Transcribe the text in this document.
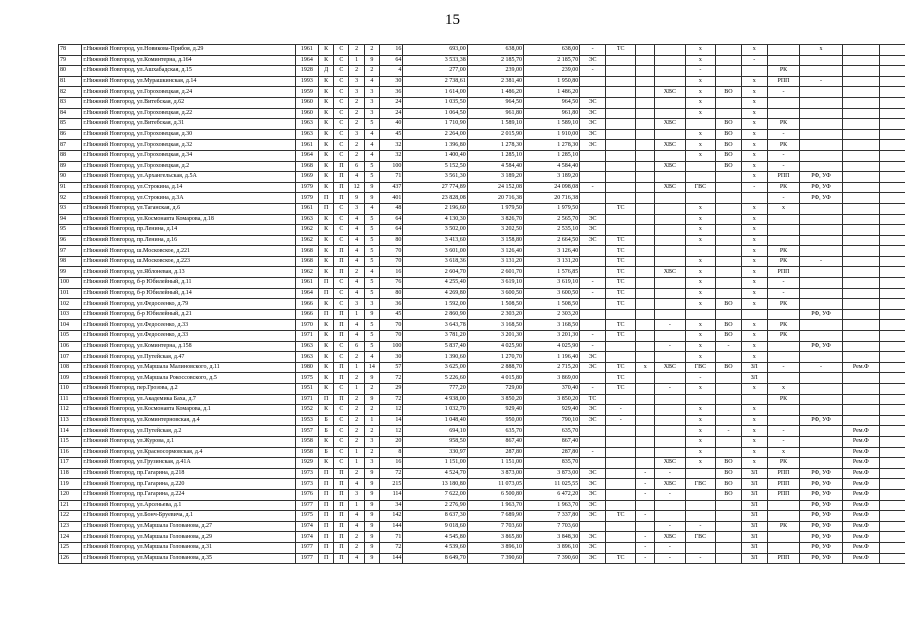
15
78	г.Нижний Новгород, ул.Новикова-Прибоя, д.29	1961	К	С	2	2	16	693,00	638,00	638,00	-	ТС			x		x		x		
79	г.Нижний Новгород, ул.Коминтерна, д.164	1964	К	С	1	9	64	3 533,38	2 185,70	2 185,70	ЭС				x		-				
80	г.Нижний Новгород, ул.Ашхабадская, д.15	1928	Д	С	2	2	4	277,00	239,00	239,00	-				-			РК			
81	г.Нижний Новгород, ул.Мурашкинская, д.14	1993	К	С	3	4	30	2 738,61	2 381,40	1 950,80					x		x	РПП	-		
82	г.Нижний Новгород, ул.Гороховецкая, д.24	1959	К	С	3	3	36	1 614,00	1 486,20	1 486,20				ХВС	x	ВО	x	-			
83	г.Нижний Новгород, ул.Витебская, д.62	1960	К	С	2	3	24	1 035,50	964,50	964,50	ЭС				x		x				
84	г.Нижний Новгород, ул.Гороховецкая, д.22	1960	К	С	2	3	24	1 064,50	961,80	961,80	ЭС				x		x				
85	г.Нижний Новгород, ул.Витебская, д.31	1963	К	С	2	5	40	1 710,90	1 589,10	1 589,10	ЭС			ХВС		ВО	x	РК			
86	г.Нижний Новгород, ул.Гороховецкая, д.30	1963	К	С	3	4	45	2 264,00	2 015,90	1 910,00	ЭС				x	ВО	x	-			
87	г.Нижний Новгород, ул.Гороховецкая, д.32	1961	К	С	2	4	32	1 396,80	1 278,30	1 278,30	ЭС			ХВС	x	ВО	x	РК			
88	г.Нижний Новгород, ул.Гороховецкая, д.34	1964	К	С	2	4	32	1 400,40	1 285,10	1 285,10					x	ВО	x	-			
89	г.Нижний Новгород, ул.Гороховецкая, д.2	1968	К	П	6	5	100	5 152,50	4 584,40	4 584,40				ХВС		ВО	x	-			
90	г.Нижний Новгород, ул.Архангельская, д.5А	1969	К	П	4	5	71	3 561,30	3 189,20	3 189,20							x	РПП	РФ, УФ		
91	г.Нижний Новгород, ул.Строкина, д.14	1979	К	П	12	9	437	27 774,89	24 152,08	24 098,08	-			ХВС	ГВС		-	РК	РФ, УФ		
92	г.Нижний Новгород, ул.Строкина, д.3А	1979	П	П	9	9	401	23 828,08	20 716,38	20 716,38								-	РФ, УФ		
93	г.Нижний Новгород, ул.Таганская, д.6	1961	П	С	3	4	48	2 196,60	1 979,50	1 979,50		ТС			x		x	x			
94	г.Нижний Новгород, ул.Космонавта Комарова, д.18	1963	К	С	4	5	64	4 130,30	3 826,70	2 565,70	ЭС				x		x				
95	г.Нижний Новгород, пр.Ленина, д.14	1962	К	С	4	5	64	3 502,00	3 202,50	2 535,10	ЭС				x		x				
96	г.Нижний Новгород, пр.Ленина, д.16	1962	К	С	4	5	80	3 413,60	3 158,80	2 664,50	ЭС	ТС			x		x				
97	г.Нижний Новгород, ш.Московское, д.221	1968	К	П	4	5	70	3 601,00	3 126,40	3 126,40		ТС					x	РК			
98	г.Нижний Новгород, ш.Московское, д.223	1968	К	П	4	5	70	3 618,36	3 131,20	3 131,20		ТС			x		x	РК	-		
99	г.Нижний Новгород, ул.Яблоневая, д.13	1962	К	П	2	4	16	2 604,70	2 601,70	1 576,85		ТС		ХВС	x		x	РПП			
100	г.Нижний Новгород, б-р Юбилейный, д.11	1961	П	С	4	5	76	4 255,40	3 619,10	3 619,10	-	ТС			x		x	-			
101	г.Нижний Новгород, б-р Юбилейный, д.14	1964	П	С	4	5	80	4 269,80	3 600,50	3 600,50	-	ТС			x		x	-			
102	г.Нижний Новгород, ул.Федосеенко, д.79	1966	К	С	3	3	36	1 592,00	1 508,50	1 508,50		ТС			x	ВО	x	РК			
103	г.Нижний Новгород, б-р Юбилейный, д.21	1966	П	П	1	9	45	2 860,90	2 303,20	2 303,20									РФ, УФ		
104	г.Нижний Новгород, ул.Федосеенко, д.33	1970	К	П	4	5	70	3 643,78	3 168,50	3 168,50		ТС		-	x	ВО	x	РК			
105	г.Нижний Новгород, ул.Федосеенко, д.33	1971	К	П	4	5	70	3 781,20	3 201,30	3 201,30	-	ТС			x	ВО	x	РК			
106	г.Нижний Новгород, ул.Коминтерна, д.158	1963	К	С	6	5	100	5 837,40	4 025,90	4 025,90	-			-	x	-	x		РФ, УФ		
107	г.Нижний Новгород, ул.Путейская, д.47	1963	К	С	2	4	30	1 390,60	1 270,70	1 196,40	ЭС				x		x				
108	г.Нижний Новгород, ул.Маршала Малиновского, д.11	1980	К	П	1	14	57	3 625,00	2 888,70	2 715,20	ЭС	ТС	x	ХВС	ГВС	ВО	ЗЛ	-	-	Рем.Ф	
109	г.Нижний Новгород, ул.Маршала Рокоссовского, д.5	1975	К	П	2	9	72	5 226,60	4 015,80	3 869,00		ТС			-		ЗЛ				
110	г.Нижний Новгород, пер.Грозова, д.2	1951	К	С	1	2	29	777,20	729,00	370,40	-	ТС		-	x		x	x			
111	г.Нижний Новгород, ул.Академика Баха, д.7	1971	П	П	2	9	72	4 938,00	3 850,20	3 850,20	ТС							РК			
112	г.Нижний Новгород, ул.Космонавта Комарова, д.1	1952	К	С	2	2	12	1 032,70	929,40	929,40	ЭС	-			x		x				
113	г.Нижний Новгород, ул.Коминтерновская, д.4	1953	Б	С	2	1	14	1 048,40	950,00	790,10	ЭС	-			x		x		РФ, УФ		
114	г.Нижний Новгород, ул.Путейская, д.2	1957	Б	С	2	2	12	694,10	635,70	635,70					x	-	x	-		Рем.Ф	
115	г.Нижний Новгород, ул.Журова, д.1	1958	К	С	2	3	20	958,50	867,40	867,40					x		x	-		Рем.Ф	
116	г.Нижний Новгород, ул.Красносормовская, д.4	1958	Б	С	1	2	8	330,97	287,80	287,80	-				x		x	x		Рем.Ф	
117	г.Нижний Новгород, ул.Грузинская, д.41А	1929	К	С	1	3	16	1 151,00	1 151,00	835,70				ХВС	x	ВО	x	РК		Рем.Ф	
118	г.Нижний Новгород, пр.Гагарина, д.218	1973	П	П	2	9	72	4 524,70	3 873,00	3 873,00	ЭС		-	-		ВО	ЗЛ	РПП	РФ, УФ	Рем.Ф	
119	г.Нижний Новгород, пр.Гагарина, д.220	1973	П	П	4	9	215	13 180,80	11 073,05	11 025,55	ЭС		-	ХВС	ГВС	ВО	ЗЛ	РПП	РФ, УФ	Рем.Ф	
120	г.Нижний Новгород, пр.Гагарина, д.224	1976	П	П	3	9	114	7 622,00	6 500,80	6 472,20	ЭС		-	-		ВО	ЗЛ	РПП	РФ, УФ	Рем.Ф	
121	г.Нижний Новгород, ул.Арсеньева, д.1	1977	П	П	1	9	34	2 276,90	1 963,70	1 963,70	ЭС						ЗЛ		РФ, УФ	Рем.Ф	
122	г.Нижний Новгород, ул.Бонч-Бруевича, д.1	1975	П	П	4	9	142	8 637,30	7 689,90	7 337,80	ЭС	ТС	-				ЗЛ		РФ, УФ	Рем.Ф	
123	г.Нижний Новгород, ул.Маршала Голованова, д.27	1974	П	П	4	9	144	9 018,60	7 703,60	7 703,60				-	-		ЗЛ	РК	РФ, УФ	Рем.Ф	
124	г.Нижний Новгород, ул.Маршала Голованова, д.29	1974	П	П	2	9	71	4 545,80	3 865,80	3 848,30	ЭС		-	ХВС	ГВС		ЗЛ		РФ, УФ	Рем.Ф	
125	г.Нижний Новгород, ул.Маршала Голованова, д.31	1977	П	П	2	9	72	4 539,60	3 896,10	3 896,10	ЭС		-	-			ЗЛ		РФ, УФ	Рем.Ф	
126	г.Нижний Новгород, ул.Маршала Голованова, д.35	1977	П	П	4	9	144	8 649,70	7 390,60	7 390,60	ЭС	ТС	-	-	-		ЗЛ	РПП	РФ, УФ	Рем.Ф	
